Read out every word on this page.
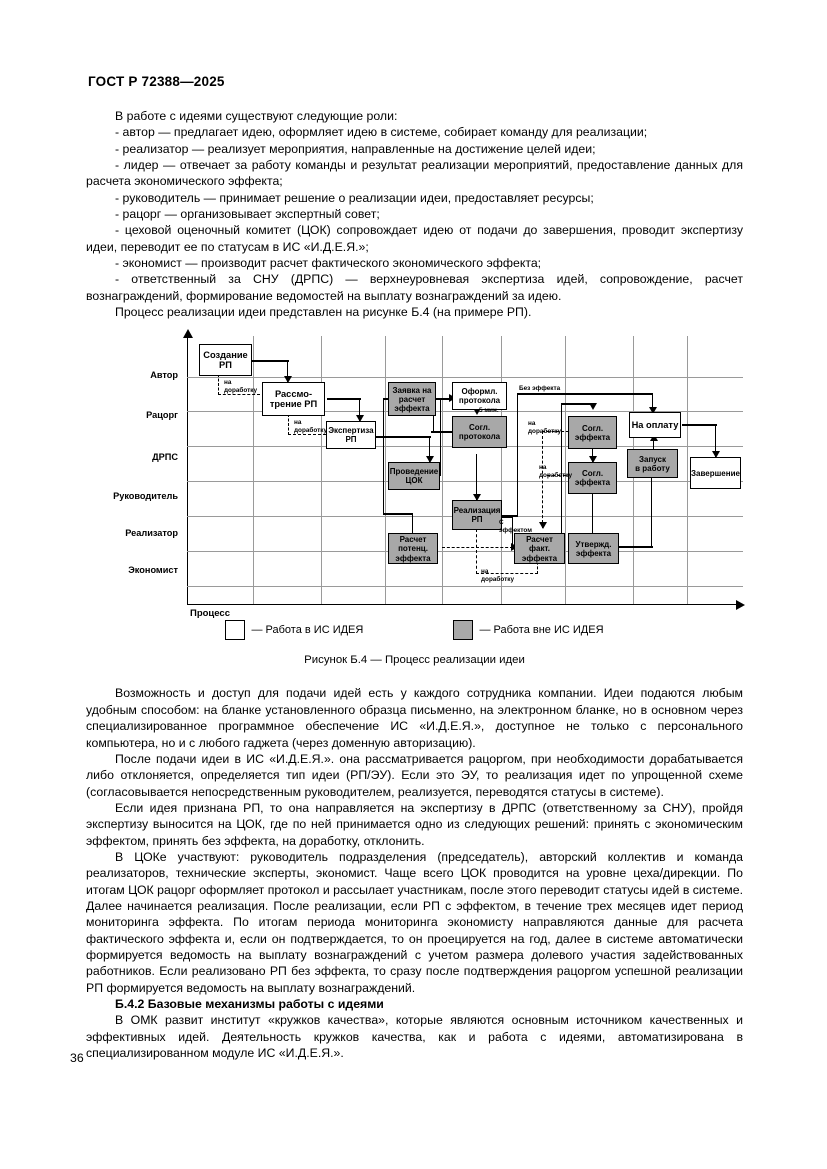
ГОСТ Р 72388—2025

В работе с идеями существуют следующие роли:

- автор — предлагает идею, оформляет идею в системе, собирает команду для реализации;

- реализатор — реализует мероприятия, направленные на достижение целей идеи;

- лидер — отвечает за работу команды и результат реализации мероприятий, предоставление данных для расчета экономического эффекта;

- руководитель — принимает решение о реализации идеи, предоставляет ресурсы;

- рацорг — организовывает экспертный совет;

- цеховой оценочный комитет (ЦОК) сопровождает идею от подачи до завершения, проводит экспертизу идеи, переводит ее по статусам в ИС «И.Д.Е.Я.»;

- экономист — производит расчет фактического экономического эффекта;

- ответственный за СНУ (ДРПС) — верхнеуровневая экспертиза идей, сопровождение, расчет вознаграждений, формирование ведомостей на выплату вознаграждений за идею.

Процесс реализации идеи представлен на рисунке Б.4 (на примере РП).

Автор
Рацорг
ДРПС
Руководитель
Реализатор
Экономист
Создание
РП
Рассмо-
трение РП
Экспертиза
РП
Заявка на
расчет
эффекта
Проведение
ЦОК
Оформл.
протокола
Согл.
протокола
Реализация
РП
Расчет
потенц.
эффекта
Расчет
факт.
эффекта
Согл.
эффекта
Согл.
эффекта
Утвержд.
эффекта
На оплату
Запуск
в работу
Завершение
на
доработку
на
доработку
5 мин.
Без эффекта
на
доработку
на
доработку
С
эффектом
на
доработку
Процесс
— Работа в ИС ИДЕЯ	— Работа вне ИС ИДЕЯ
Рисунок Б.4 — Процесс реализации идеи

Возможность и доступ для подачи идей есть у каждого сотрудника компании. Идеи подаются любым удобным способом: на бланке установленного образца письменно, на электронном бланке, но в основном через специализированное программное обеспечение ИС «И.Д.Е.Я.», доступное не только с персонального компьютера, но и с любого гаджета (через доменную авторизацию).

После подачи идеи в ИС «И.Д.Е.Я.». она рассматривается рацоргом, при необходимости дорабатывается либо отклоняется, определяется тип идеи (РП/ЭУ). Если это ЭУ, то реализация идет по упрощенной схеме (согласовывается непосредственным руководителем, реализуется, переводятся статусы в системе).

Если идея признана РП, то она направляется на экспертизу в ДРПС (ответственному за СНУ), пройдя экспертизу выносится на ЦОК, где по ней принимается одно из следующих решений: принять с экономическим эффектом, принять без эффекта, на доработку, отклонить.

В ЦОКе участвуют: руководитель подразделения (председатель), авторский коллектив и команда реализаторов, технические эксперты, экономист. Чаще всего ЦОК проводится на уровне цеха/дирекции. По итогам ЦОК рацорг оформляет протокол и рассылает участникам, после этого переводит статусы идей в системе. Далее начинается реализация. После реализации, если РП с эффектом, в течение трех месяцев идет период мониторинга эффекта. По итогам периода мониторинга экономисту направляются данные для расчета фактического эффекта и, если он подтверждается, то он проецируется на год, далее в системе автоматически формируется ведомость на выплату вознаграждений с учетом размера долевого участия задействованных работников. Если реализовано РП без эффекта, то сразу после подтверждения рацоргом успешной реализации РП формируется ведомость на выплату вознаграждений.

Б.4.2 Базовые механизмы работы с идеями

В ОМК развит институт «кружков качества», которые являются основным источником качественных и эффективных идей. Деятельность кружков качества, как и работа с идеями, автоматизирована в специализированном модуле ИС «И.Д.Е.Я.».

36
